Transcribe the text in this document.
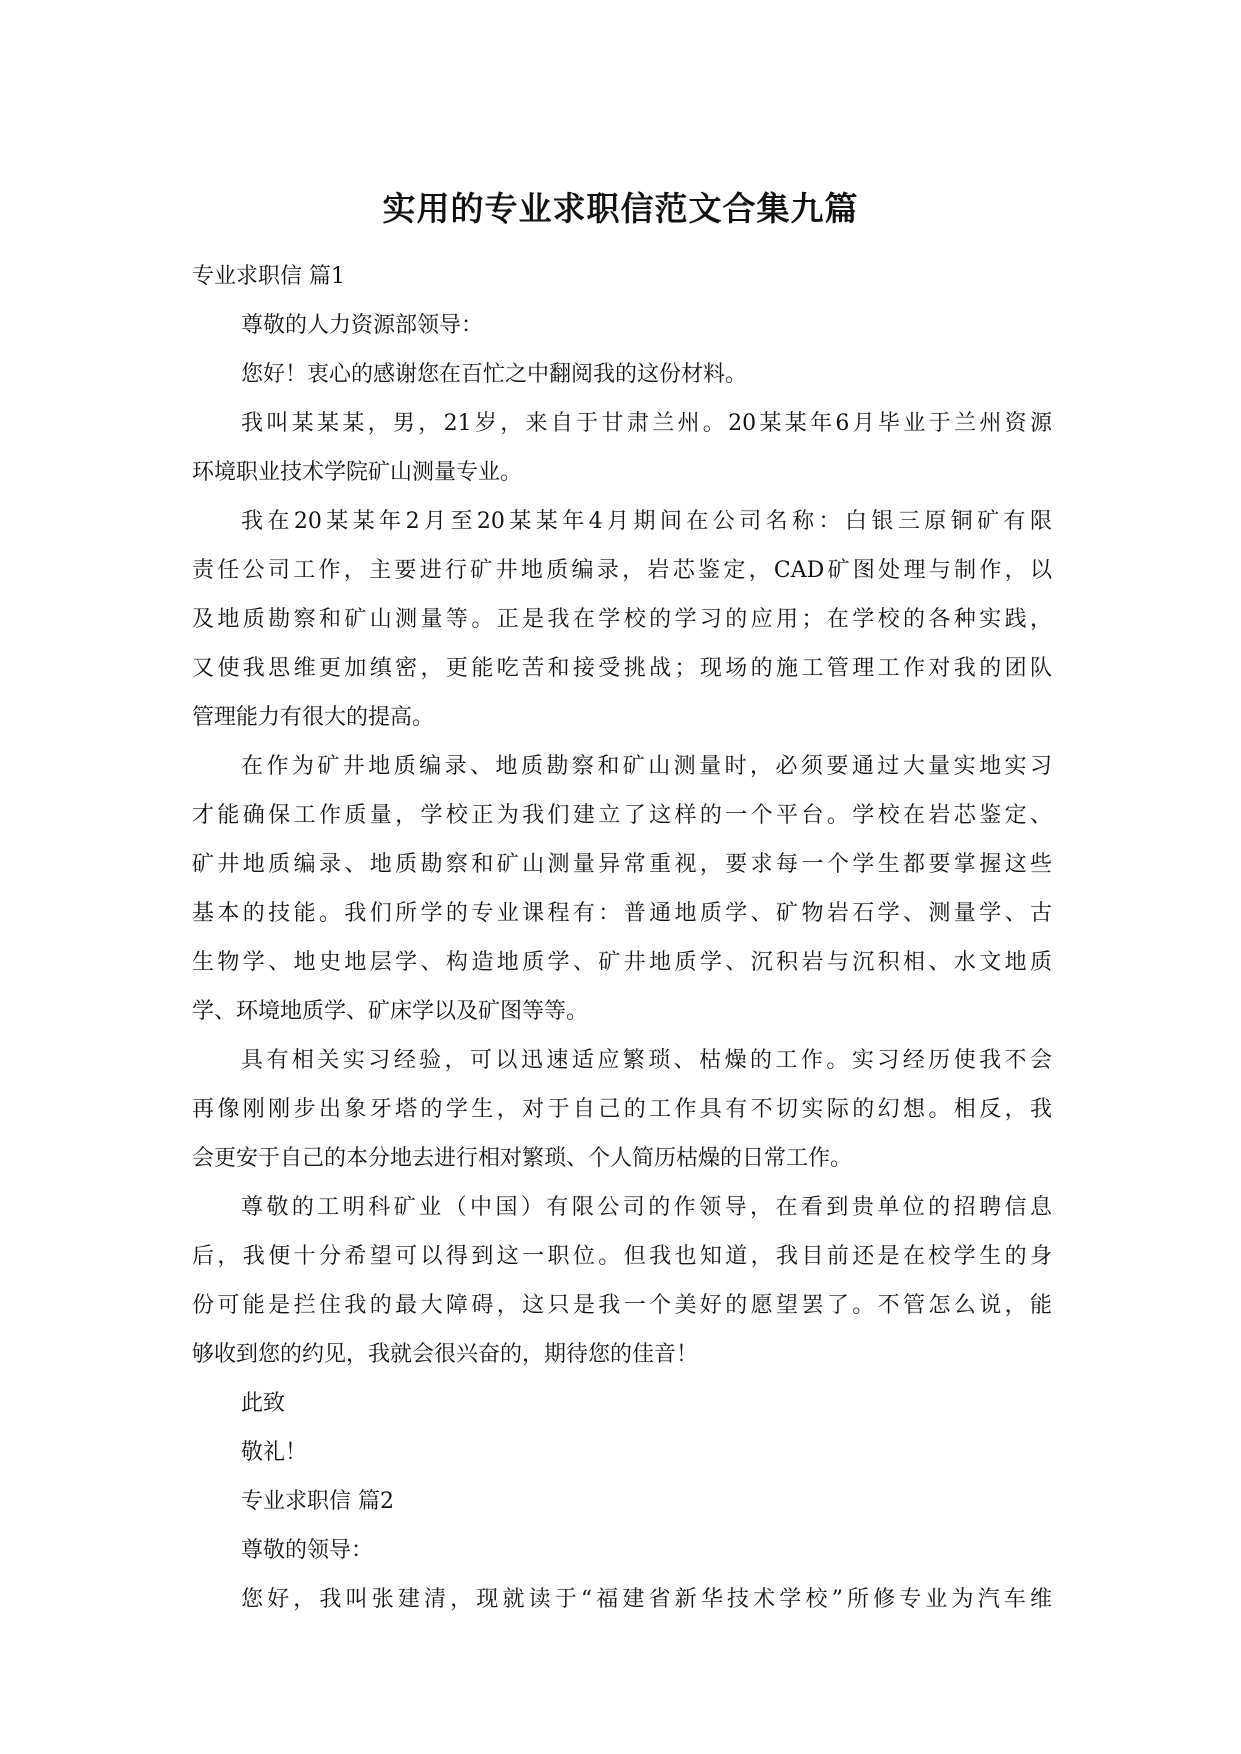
实用的专业求职信范文合集九篇
专业求职信 篇1
尊敬的人力资源部领导：
您好！衷心的感谢您在百忙之中翻阅我的这份材料。
我叫某某某，男，21岁，来自于甘肃兰州。20某某年6月毕业于兰州资源
环境职业技术学院矿山测量专业。
我在20某某年2月至20某某年4月期间在公司名称：白银三原铜矿有限
责任公司工作，主要进行矿井地质编录，岩芯鉴定，CAD矿图处理与制作，以
及地质勘察和矿山测量等。正是我在学校的学习的应用；在学校的各种实践，
又使我思维更加缜密，更能吃苦和接受挑战；现场的施工管理工作对我的团队
管理能力有很大的提高。
在作为矿井地质编录、地质勘察和矿山测量时，必须要通过大量实地实习
才能确保工作质量，学校正为我们建立了这样的一个平台。学校在岩芯鉴定、
矿井地质编录、地质勘察和矿山测量异常重视，要求每一个学生都要掌握这些
基本的技能。我们所学的专业课程有：普通地质学、矿物岩石学、测量学、古
生物学、地史地层学、构造地质学、矿井地质学、沉积岩与沉积相、水文地质
学、环境地质学、矿床学以及矿图等等。
具有相关实习经验，可以迅速适应繁琐、枯燥的工作。实习经历使我不会
再像刚刚步出象牙塔的学生，对于自己的工作具有不切实际的幻想。相反，我
会更安于自己的本分地去进行相对繁琐、个人简历枯燥的日常工作。
尊敬的工明科矿业（中国）有限公司的作领导，在看到贵单位的招聘信息
后，我便十分希望可以得到这一职位。但我也知道，我目前还是在校学生的身
份可能是拦住我的最大障碍，这只是我一个美好的愿望罢了。不管怎么说，能
够收到您的约见，我就会很兴奋的，期待您的佳音！
此致
敬礼！
专业求职信 篇2
尊敬的领导：
您好，我叫张建清，现就读于“福建省新华技术学校”所修专业为汽车维
